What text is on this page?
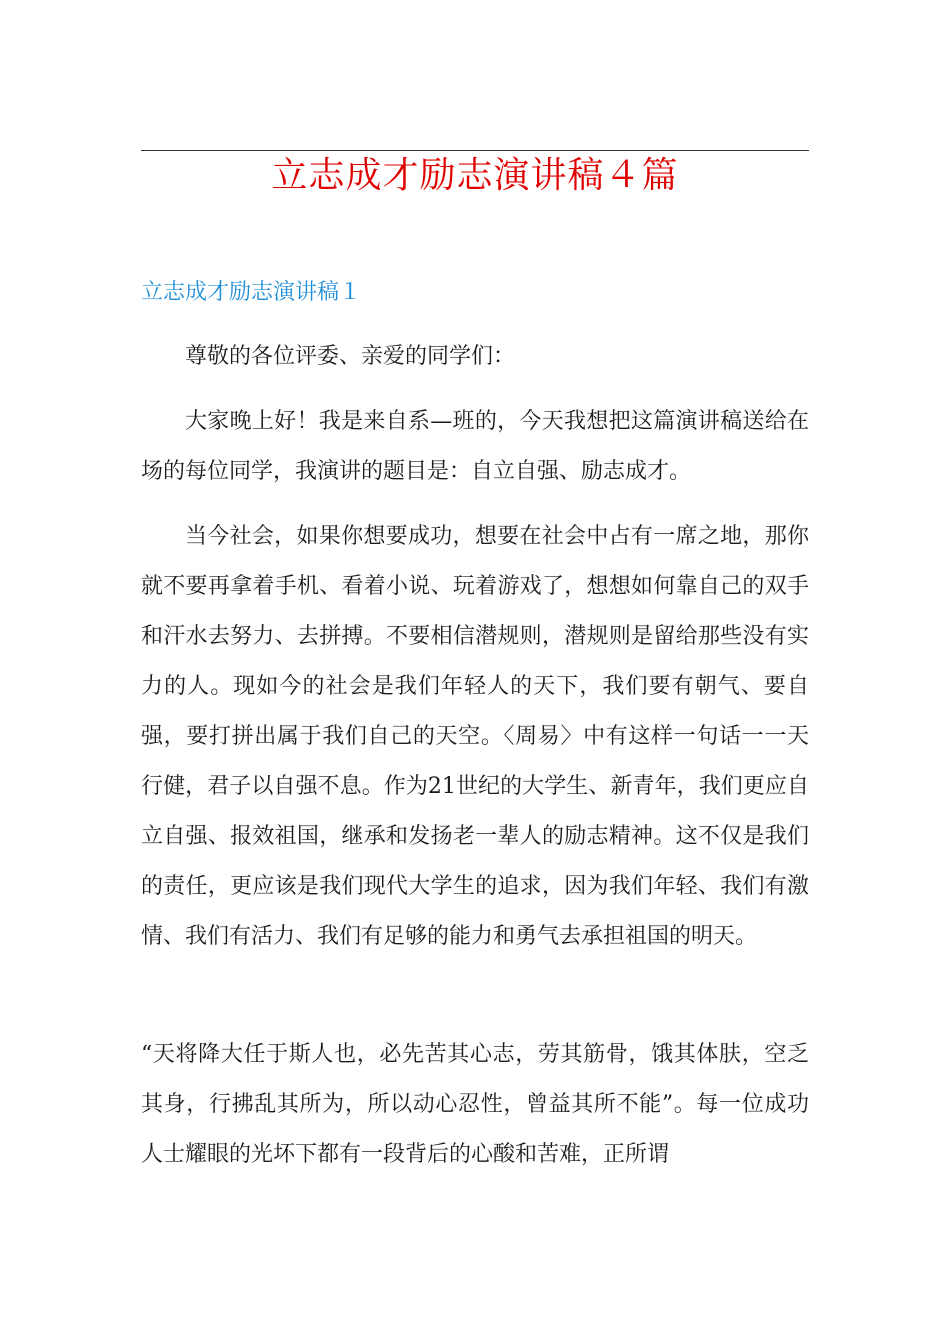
立志成才励志演讲稿４篇
立志成才励志演讲稿１

尊敬的各位评委、亲爱的同学们：

大家晚上好！我是来自系—班的，今天我想把这篇演讲稿送给在场的每位同学，我演讲的题目是：自立自强、励志成才。

当今社会，如果你想要成功，想要在社会中占有一席之地，那你就不要再拿着手机、看着小说、玩着游戏了，想想如何靠自己的双手和汗水去努力、去拼搏。不要相信潜规则，潜规则是留给那些没有实力的人。现如今的社会是我们年轻人的天下，我们要有朝气、要自强，要打拼出属于我们自己的天空。〈周易〉中有这样一句话一一天行健，君子以自强不息。作为21世纪的大学生、新青年，我们更应自立自强、报效祖国，继承和发扬老一辈人的励志精神。这不仅是我们的责任，更应该是我们现代大学生的追求，因为我们年轻、我们有激情、我们有活力、我们有足够的能力和勇气去承担祖国的明天。

“天将降大任于斯人也，必先苦其心志，劳其筋骨，饿其体肤，空乏其身，行拂乱其所为，所以动心忍性，曾益其所不能”。每一位成功人士耀眼的光坏下都有一段背后的心酸和苦难，正所谓
